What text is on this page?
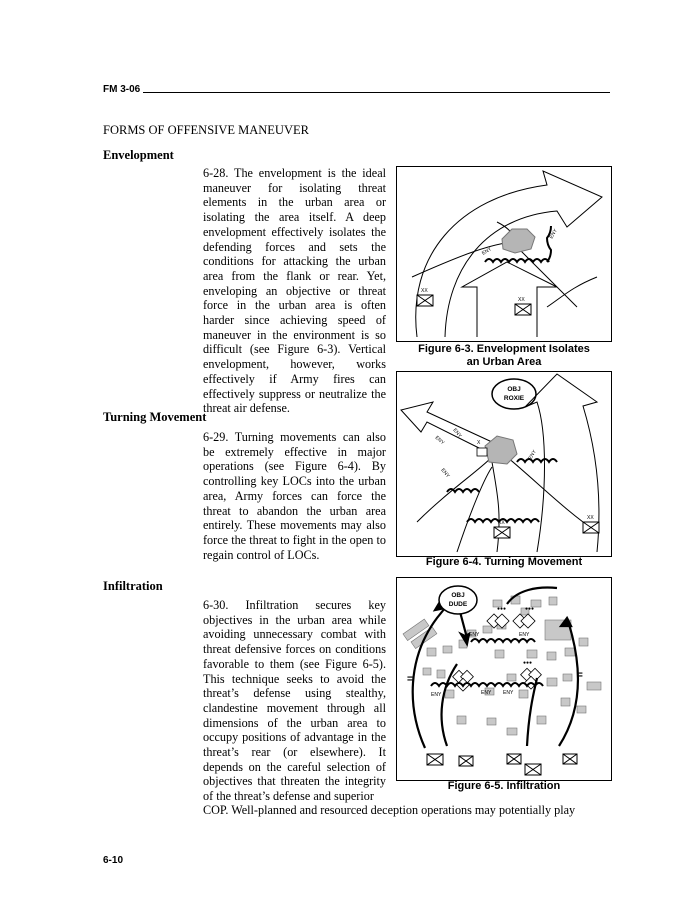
FM 3-06
FORMS OF OFFENSIVE MANEUVER
Envelopment
6-28. The envelopment is the ideal maneuver for isolating threat elements in the urban area or isolating the area itself. A deep envelopment effectively isolates the defending forces and sets the conditions for attacking the urban area from the flank or rear. Yet, enveloping an objective or threat force in the urban area is often harder since achieving speed of maneuver in the environment is so difficult (see Figure 6-3). Vertical envelopment, however, works effectively if Army fires can effectively suppress or neutralize the threat air defense.
Turning Movement
6-29. Turning movements can also be extremely effective in major operations (see Figure 6-4). By controlling key LOCs into the urban area, Army forces can force the threat to abandon the urban area entirely. These movements may also force the threat to fight in the open to regain control of LOCs.
Infiltration
6-30. Infiltration secures key objectives in the urban area while avoiding unnecessary combat with threat defensive forces on conditions favorable to them (see Figure 6-5). This technique seeks to avoid the threat’s defense using stealthy, clandestine movement through all dimensions of the urban area to occupy positions of advantage in the threat’s rear (or elsewhere). It depends on the careful selection of objectives that threaten the integrity of the threat’s defense and superior
COP. Well-planned and resourced deception operations may potentially play
ENY
ENY
XX
XX
Figure 6-3. Envelopment Isolates
an Urban Area
OBJ
ROXIE
X
ENY
ENY
ENY
ENY
XX
XX
Figure 6-4. Turning Movement
●●●	●●●
●●●
=	=
OBJ
DUDE
ENY	ENY
ENY	ENY ENY
Figure 6-5. Infiltration
6-10
